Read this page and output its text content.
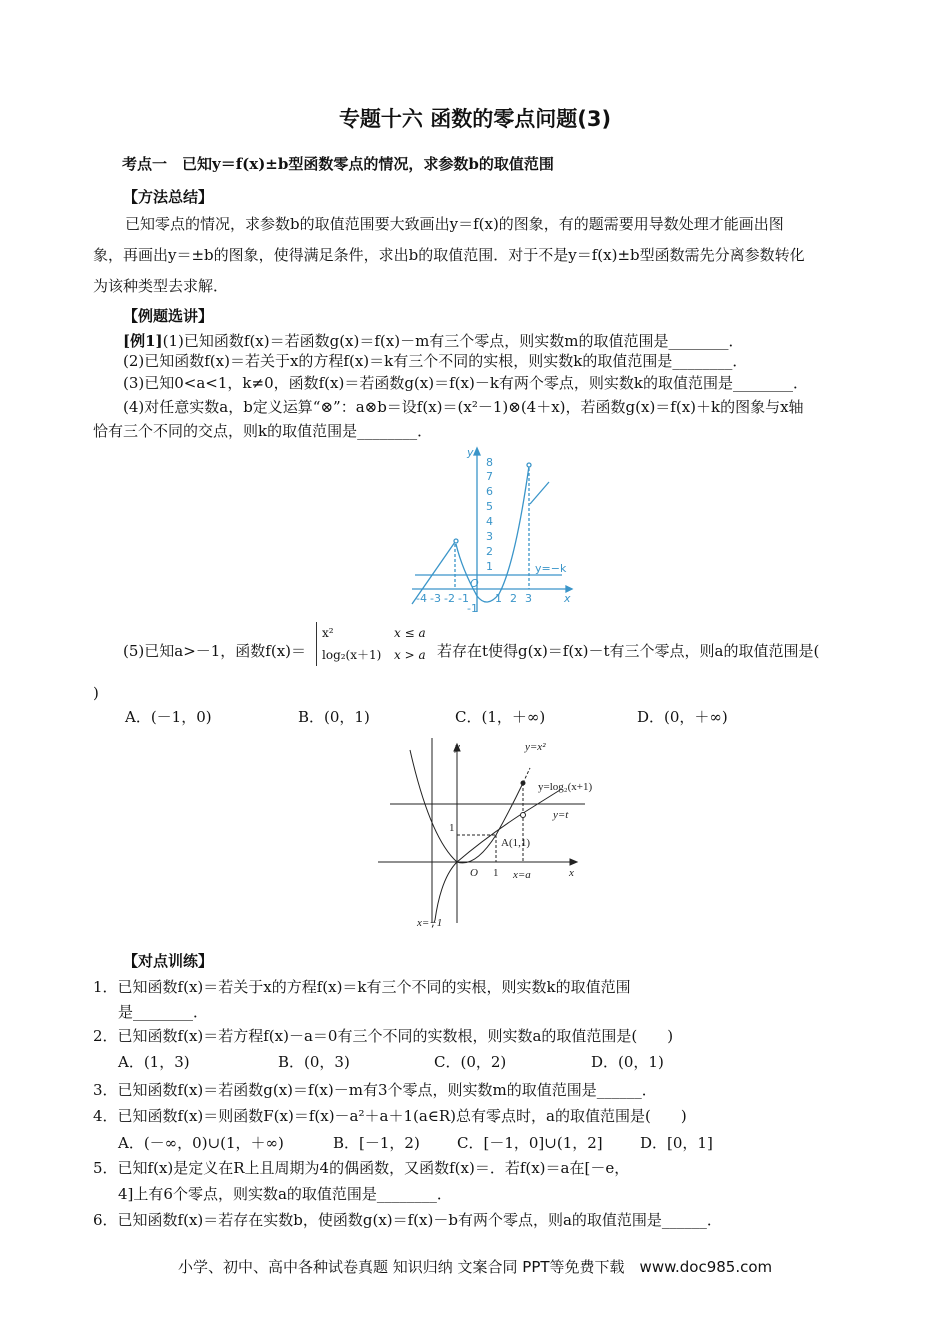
专题十六 函数的零点问题(3)
考点一　已知y＝f(x)±b型函数零点的情况，求参数b的取值范围
【方法总结】
已知零点的情况，求参数b的取值范围要大致画出y＝f(x)的图象，有的题需要用导数处理才能画出图
象，再画出y＝±b的图象，使得满足条件，求出b的取值范围．对于不是y＝f(x)±b型函数需先分离参数转化
为该种类型去求解．
【例题选讲】
[例1](1)已知函数f(x)＝若函数g(x)＝f(x)－m有三个零点，则实数m的取值范围是________．
(2)已知函数f(x)＝若关于x的方程f(x)＝k有三个不同的实根，则实数k的取值范围是________．
(3)已知0<a<1，k≠0，函数f(x)＝若函数g(x)＝f(x)－k有两个零点，则实数k的取值范围是________．
(4)对任意实数a，b定义运算“⊗”：a⊗b＝设f(x)＝(x²－1)⊗(4＋x)，若函数g(x)＝f(x)＋k的图象与x轴
恰有三个不同的交点，则k的取值范围是________．
y
x
8
7
6
5
4
3
2
1
-4 -3 -2 -1 1 2 3
O
-1
y=−k
(5)已知a>－1，函数f(x)＝
x²	x ≤ a
log₂(x＋1) x > a 若存在t使得g(x)＝f(x)－t有三个零点，则a的取值范围是(
)
A．(－1，0)	B．(0，1)	C．(1，＋∞)	D．(0，＋∞)
y
x
y=x²
y=log₂(x+1)
y=t
1
1
A(1,1)
O	x=a
x=−1
【对点训练】
1．已知函数f(x)＝若关于x的方程f(x)＝k有三个不同的实根，则实数k的取值范围
是________．
2．已知函数f(x)＝若方程f(x)－a＝0有三个不同的实数根，则实数a的取值范围是(　　)
A．(1，3)	B．(0，3)	C．(0，2)	D．(0，1)
3．已知函数f(x)＝若函数g(x)＝f(x)－m有3个零点，则实数m的取值范围是______．
4．已知函数f(x)＝则函数F(x)＝f(x)－a²＋a＋1(a∈R)总有零点时，a的取值范围是(　　)
A．(－∞，0)∪(1，＋∞)	B．[－1，2) C．[－1，0]∪(1，2] D．[0，1]
5．已知f(x)是定义在R上且周期为4的偶函数，又函数f(x)＝．若f(x)＝a在[－e，
4]上有6个零点，则实数a的取值范围是________．
6．已知函数f(x)＝若存在实数b，使函数g(x)＝f(x)－b有两个零点，则a的取值范围是______．
小学、初中、高中各种试卷真题 知识归纳 文案合同 PPT等免费下载　www.doc985.com
